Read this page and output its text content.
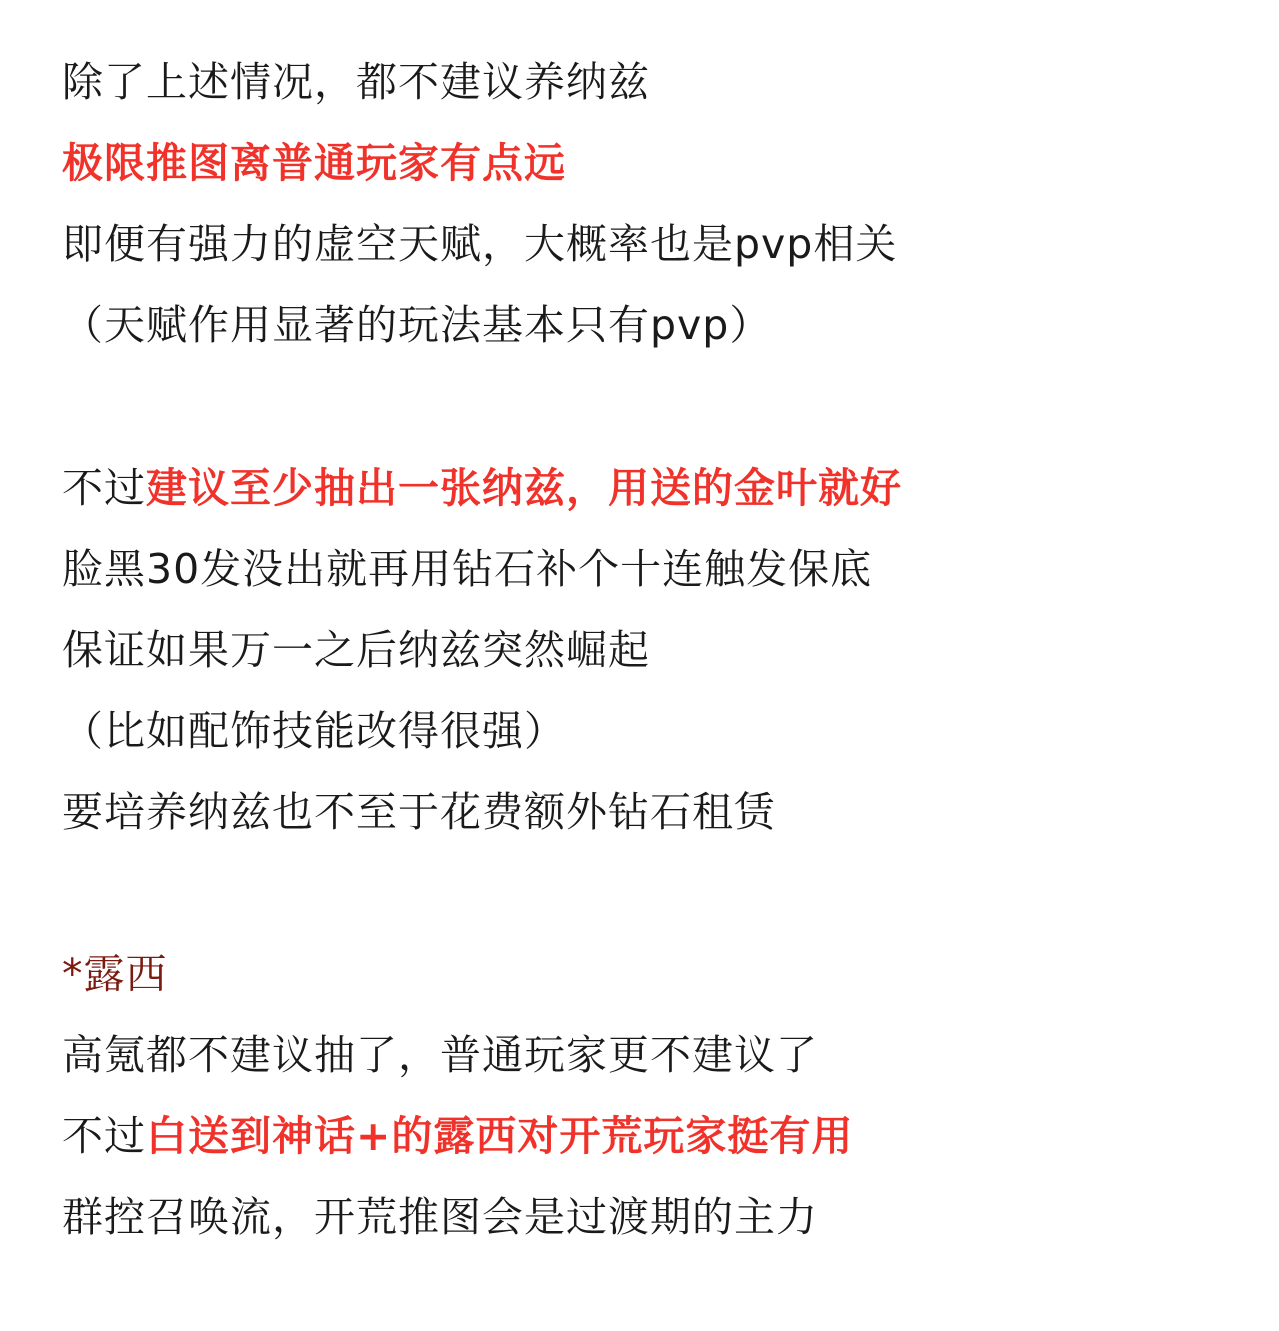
除了上述情况，都不建议养纳兹
极限推图离普通玩家有点远
即便有强力的虚空天赋，大概率也是pvp相关
（天赋作用显著的玩法基本只有pvp）
不过建议至少抽出一张纳兹，用送的金叶就好
脸黑30发没出就再用钻石补个十连触发保底
保证如果万一之后纳兹突然崛起
（比如配饰技能改得很强）
要培养纳兹也不至于花费额外钻石租赁
*露西
高氪都不建议抽了，普通玩家更不建议了
不过白送到神话+的露西对开荒玩家挺有用
群控召唤流，开荒推图会是过渡期的主力
